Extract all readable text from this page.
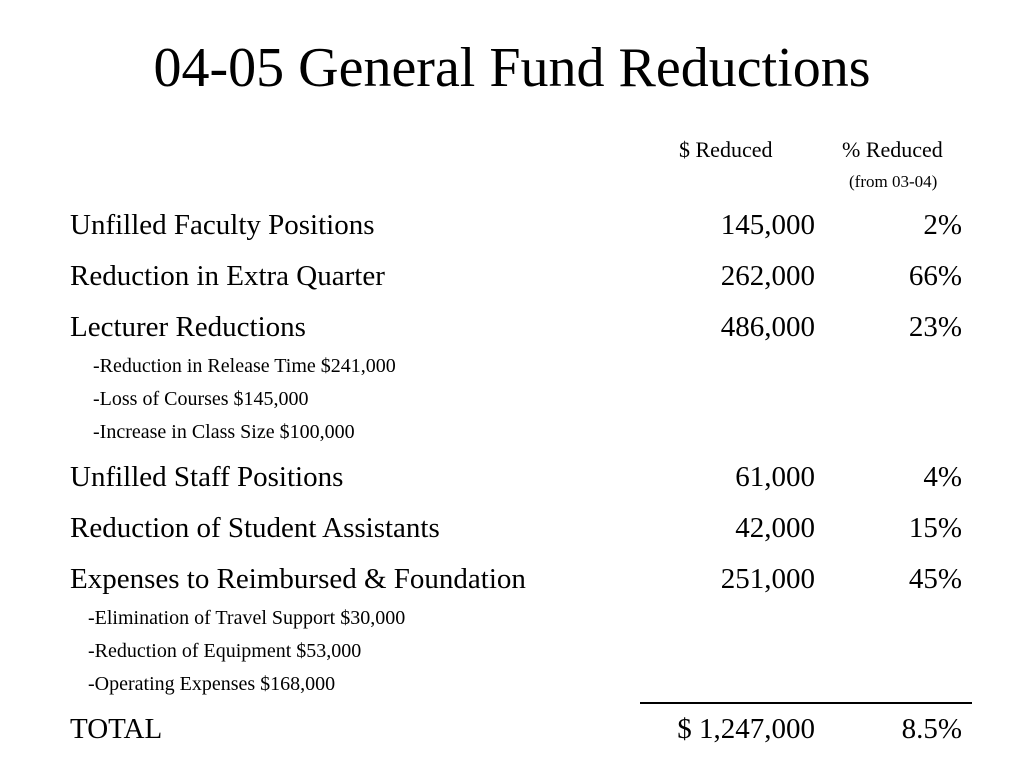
04-05 General Fund Reductions
$ Reduced	% Reduced
(from 03-04)
Unfilled Faculty Positions	145,000	2%
Reduction in Extra Quarter	262,000	66%
Lecturer Reductions	486,000	23%
-Reduction in Release Time $241,000
-Loss of Courses $145,000
-Increase in Class Size $100,000
Unfilled Staff Positions	61,000	4%
Reduction of Student Assistants	42,000	15%
Expenses to Reimbursed & Foundation	251,000	45%
-Elimination of Travel Support $30,000
-Reduction of Equipment $53,000
-Operating Expenses $168,000
TOTAL	$ 1,247,000	8.5%
